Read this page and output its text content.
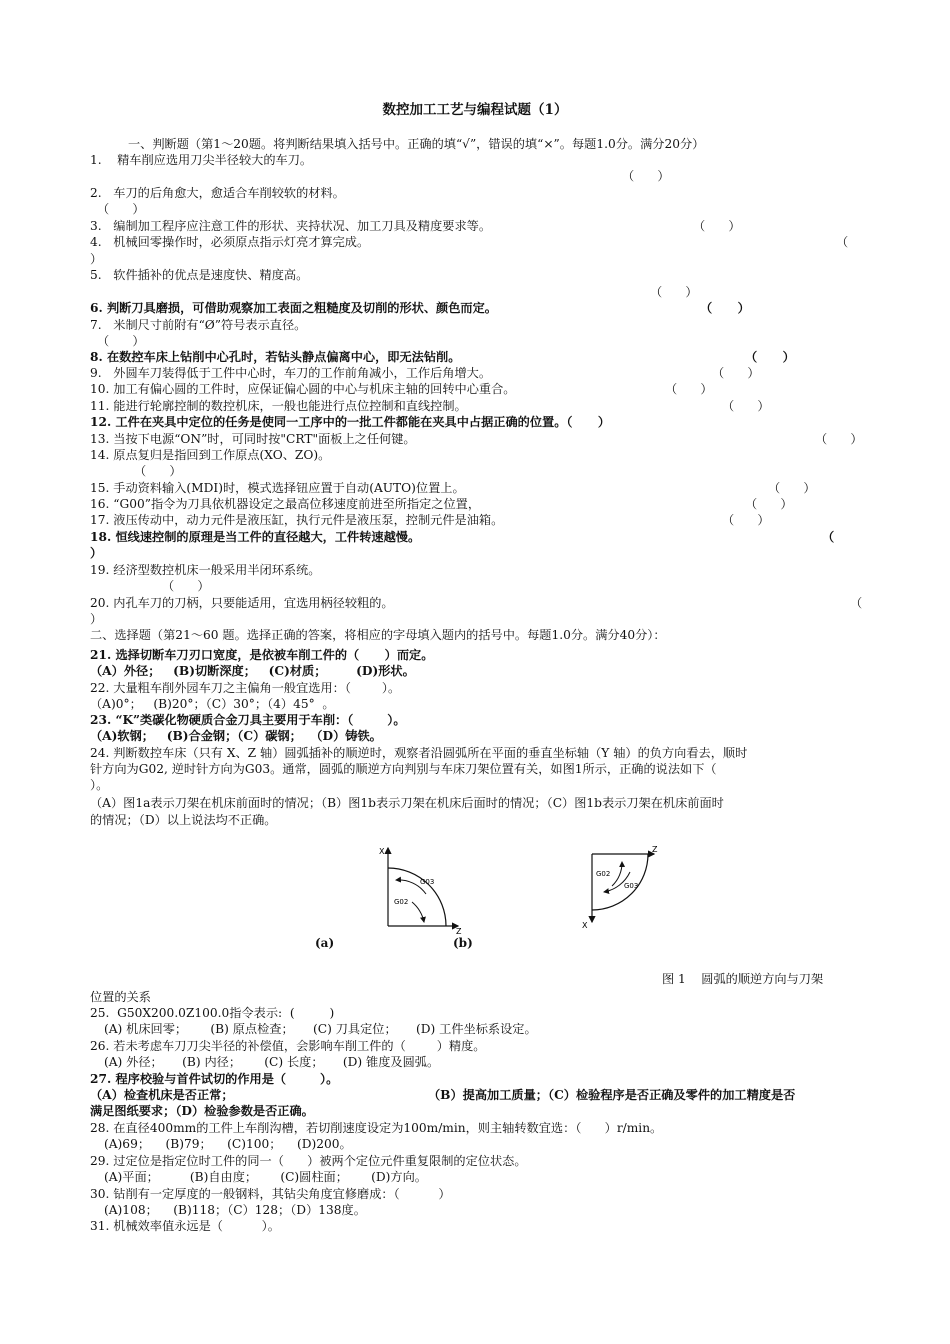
数控加工工艺与编程试题（1）
一、判断题（第1～20题。将判断结果填入括号中。正确的填“√”，错误的填“×”。每题1.0分。满分20分）
1.    精车削应选用刀尖半径较大的车刀。
（      ）
2.   车刀的后角愈大，愈适合车削较软的材料。
（      ）
3.   编制加工程序应注意工件的形状、夹持状况、加工刀具及精度要求等。	（      ）
4.   机械回零操作时，必须原点指示灯亮才算完成。	（
）
5.   软件插补的优点是速度快、精度高。
（      ）
6. 判断刀具磨损，可借助观察加工表面之粗糙度及切削的形状、颜色而定。	（      ）
7.   米制尺寸前附有“Ø”符号表示直径。
（      ）
8. 在数控车床上钻削中心孔时，若钻头静点偏离中心，即无法钻削。	（      ）
9.   外圆车刀装得低于工件中心时，车刀的工作前角减小，工作后角增大。	（      ）
10. 加工有偏心圆的工件时，应保证偏心圆的中心与机床主轴的回转中心重合。	（      ）
11. 能进行轮廓控制的数控机床，一般也能进行点位控制和直线控制。	（      ）
12. 工件在夹具中定位的任务是使同一工序中的一批工件都能在夹具中占据正确的位置。（      ）
13. 当按下电源“ON”时，可同时按"CRT"面板上之任何键。	（      ）
14. 原点复归是指回到工作原点(XO、ZO)。
（      ）
15. 手动资料输入(MDI)时，模式选择钮应置于自动(AUTO)位置上。	（      ）
16. “G00”指令为刀具依机器设定之最高位移速度前进至所指定之位置，	（      ）
17. 液压传动中，动力元件是液压缸，执行元件是液压泵，控制元件是油箱。	（      ）
18. 恒线速控制的原理是当工件的直径越大，工件转速越慢。	（
）
19. 经济型数控机床一般采用半闭环系统。
（      ）
20. 内孔车刀的刀柄，只要能适用，宜选用柄径较粗的。	（
）
二、选择题（第21～60 题。选择正确的答案，将相应的字母填入题内的括号中。每题1.0分。满分40分）：
21. 选择切断车刀刃口宽度，是依被车削工件的（      ）而定。
（A）外径；   (B)切断深度；   (C)材质；       (D)形状。
22. 大量粗车削外园车刀之主偏角一般宜选用：（        ）。
（A)0°；   (B)20°；（C）30°；（4）45°  。
23. “K”类碳化物硬质合金刀具主要用于车削：（        ）。
（A)软钢；   (B)合金钢；（C）碳钢；  （D）铸铁。
24. 判断数控车床（只有 X、Z 轴）圆弧插补的顺逆时，观察者沿圆弧所在平面的垂直坐标轴（Y 轴）的负方向看去，顺时
针方向为G02, 逆时针方向为G03。通常，圆弧的顺逆方向判别与车床刀架位置有关，如图1所示，正确的说法如下（
）。
（A）图1a表示刀架在机床前面时的情况；（B）图1b表示刀架在机床后面时的情况；（C）图1b表示刀架在机床前面时
的情况；（D）以上说法均不正确。
图 1    圆弧的顺逆方向与刀架
位置的关系
25.  G50X200.0Z100.0指令表示:  (         )
(A) 机床回零；      (B) 原点检查；     (C) 刀具定位；     (D) 工件坐标系设定。
26. 若未考虑车刀刀尖半径的补偿值，会影响车削工件的（        ）精度。
(A) 外径；     (B) 内径；      (C) 长度；     (D) 锥度及圆弧。
27. 程序校验与首件试切的作用是（        ）。
（A）检查机床是否正常；	（B）提高加工质量；（C）检验程序是否正确及零件的加工精度是否
满足图纸要求；（D）检验参数是否正确。
28. 在直径400mm的工件上车削沟槽，若切削速度设定为100m/min，则主轴转数宜选：（      ）r/min。
(A)69；    (B)79；    (C)100；    (D)200。
29. 过定位是指定位时工件的同一（      ）被两个定位元件重复限制的定位状态。
(A)平面；        (B)自由度；      (C)圆柱面；      (D)方向。
30. 钻削有一定厚度的一般钢料，其钻尖角度宜修磨成：（          ）
(A)108；    (B)118；（C）128；（D）138度。
31. 机械效率值永远是（          ）。
X
Z
G03
G02
Z
X
G02
G03
(a)	(b)
